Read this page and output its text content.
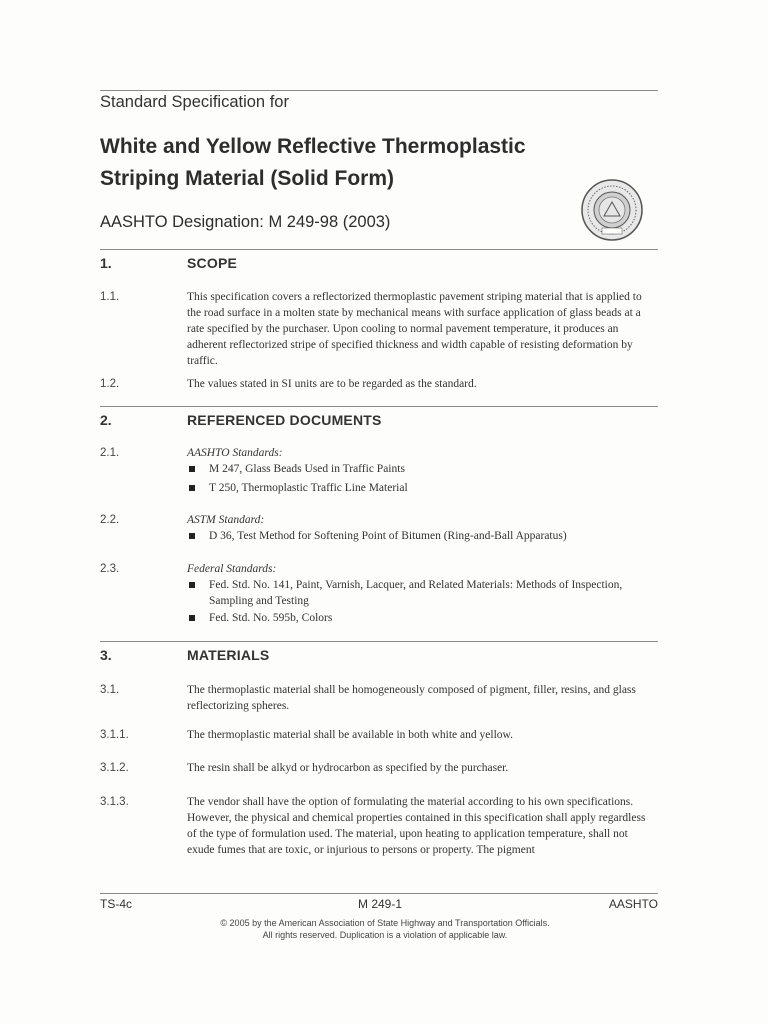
Standard Specification for
White and Yellow Reflective Thermoplastic
Striping Material (Solid Form)
AASHTO Designation: M 249-98 (2003)
1.	SCOPE
1.1.	This specification covers a reflectorized thermoplastic pavement striping material that is applied to the road surface in a molten state by mechanical means with surface application of glass beads at a rate specified by the purchaser. Upon cooling to normal pavement temperature, it produces an adherent reflectorized stripe of specified thickness and width capable of resisting deformation by traffic.
1.2.	The values stated in SI units are to be regarded as the standard.
2.	REFERENCED DOCUMENTS
2.1.	AASHTO Standards:
M 247, Glass Beads Used in Traffic Paints
T 250, Thermoplastic Traffic Line Material
2.2.	ASTM Standard:
D 36, Test Method for Softening Point of Bitumen (Ring-and-Ball Apparatus)
2.3.	Federal Standards:
Fed. Std. No. 141, Paint, Varnish, Lacquer, and Related Materials: Methods of Inspection, Sampling and Testing
Fed. Std. No. 595b, Colors
3.	MATERIALS
3.1.	The thermoplastic material shall be homogeneously composed of pigment, filler, resins, and glass reflectorizing spheres.
3.1.1.	The thermoplastic material shall be available in both white and yellow.
3.1.2.	The resin shall be alkyd or hydrocarbon as specified by the purchaser.
3.1.3.	The vendor shall have the option of formulating the material according to his own specifications. However, the physical and chemical properties contained in this specification shall apply regardless of the type of formulation used. The material, upon heating to application temperature, shall not exude fumes that are toxic, or injurious to persons or property. The pigment
TS-4c	M 249-1	AASHTO
© 2005 by the American Association of State Highway and Transportation Officials.
All rights reserved. Duplication is a violation of applicable law.
